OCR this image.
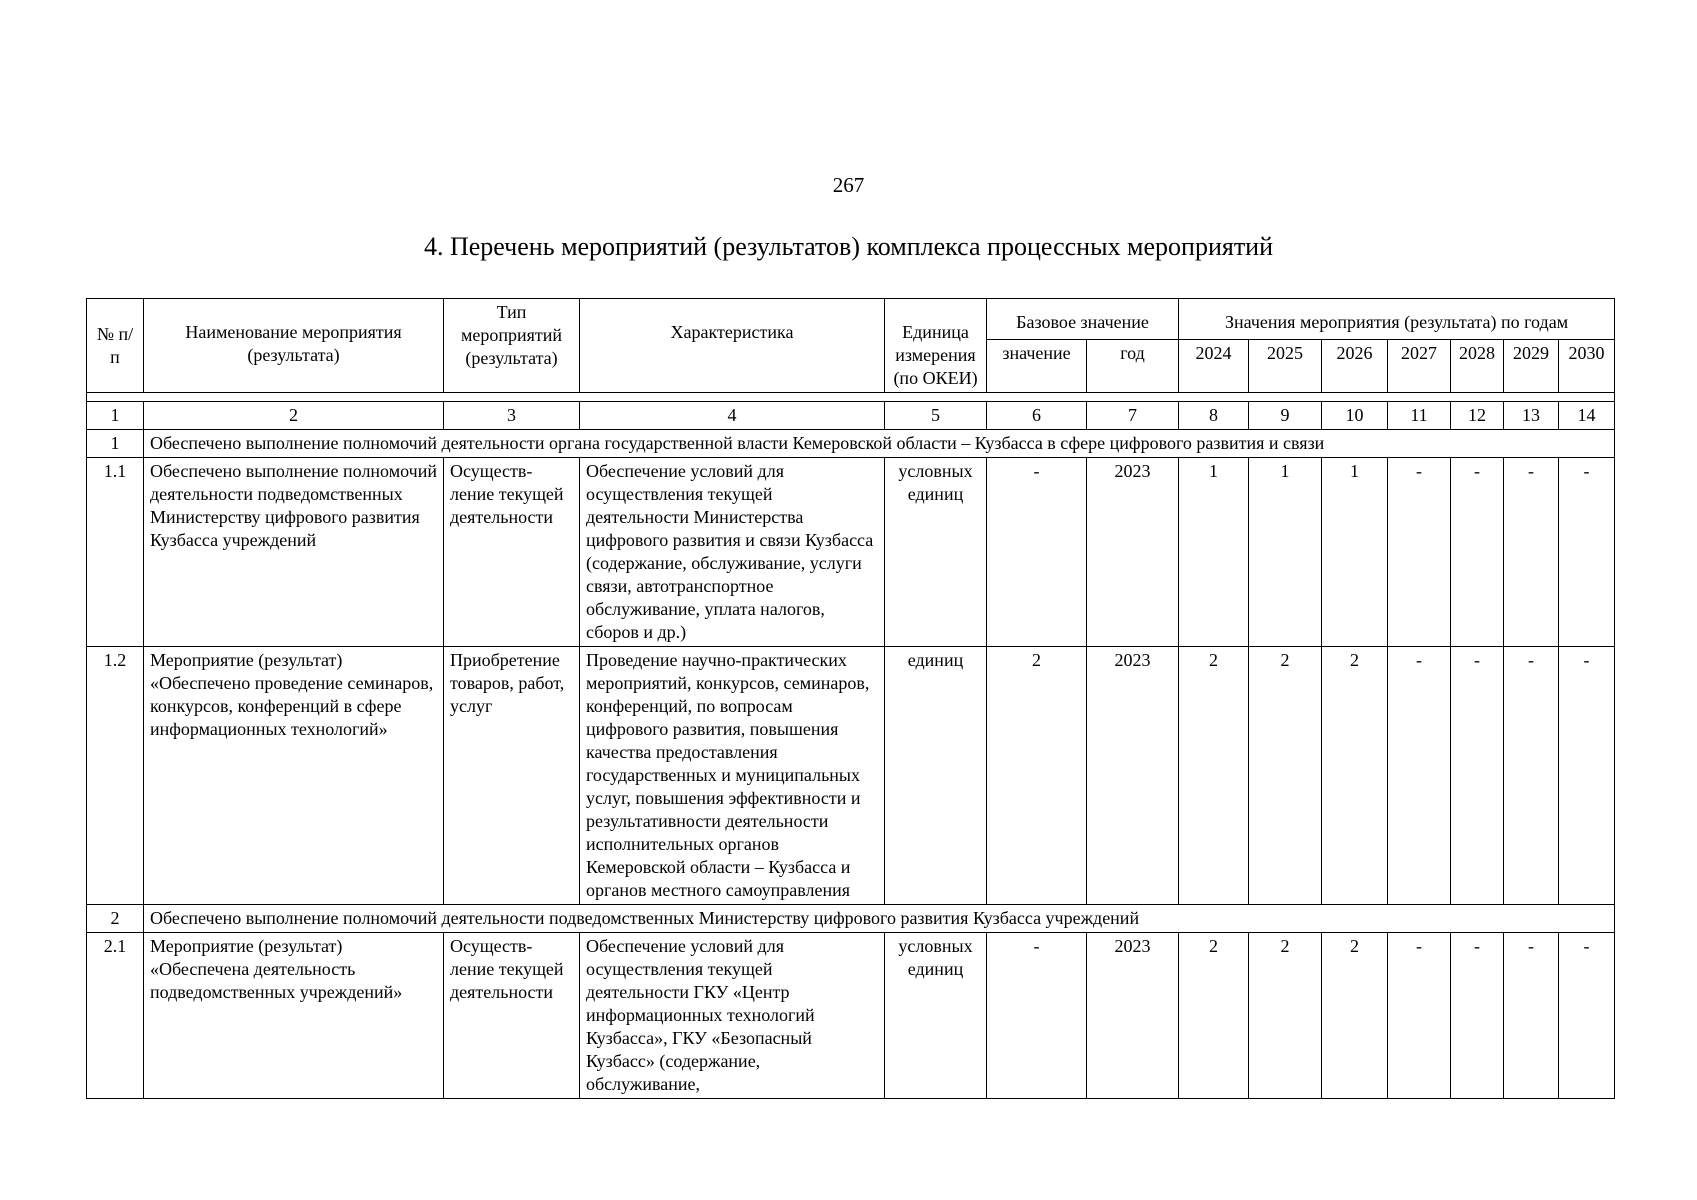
267
4. Перечень мероприятий (результатов) комплекса процессных мероприятий
№ п/п	Наименование мероприятия (результата)	Тип мероприятий (результата)	Характеристика	Единица измерения (по ОКЕИ)	Базовое значение		Значения мероприятия (результата) по годам						
					значение	год	2024	2025	2026	2027	2028	2029	2030

1	2	3	4	5	6	7	8	9	10	11	12	13	14
1	Обеспечено выполнение полномочий деятельности органа государственной власти Кемеровской области – Кузбасса в сфере цифрового развития и связи												
1.1	Обеспечено выполнение полномочий деятельности подведомственных Министерству цифрового развития Кузбасса учреждений	Осуществ-ление текущей деятельности	Обеспечение условий для осуществления текущей деятельности Министерства цифрового развития и связи Кузбасса (содержание, обслуживание, услуги связи, автотранспортное обслуживание, уплата налогов, сборов и др.)	условных единиц	-	2023	1	1	1	-	-	-	-
1.2	Мероприятие (результат) «Обеспечено проведение семинаров, конкурсов, конференций в сфере информационных технологий»	Приобретение товаров, работ, услуг	Проведение научно-практических мероприятий, конкурсов, семинаров, конференций, по вопросам цифрового развития, повышения качества предоставления государственных и муниципальных услуг, повышения эффективности и результативности деятельности исполнительных органов Кемеровской области – Кузбасса и органов местного самоуправления	единиц	2	2023	2	2	2	-	-	-	-
2	Обеспечено выполнение полномочий деятельности подведомственных Министерству цифрового развития Кузбасса учреждений												
2.1	Мероприятие (результат) «Обеспечена деятельность подведомственных учреждений»	Осуществ-ление текущей деятельности	Обеспечение условий для осуществления текущей деятельности ГКУ «Центр информационных технологий Кузбасса», ГКУ «Безопасный Кузбасс» (содержание, обслуживание,	условных единиц	-	2023	2	2	2	-	-	-	-
